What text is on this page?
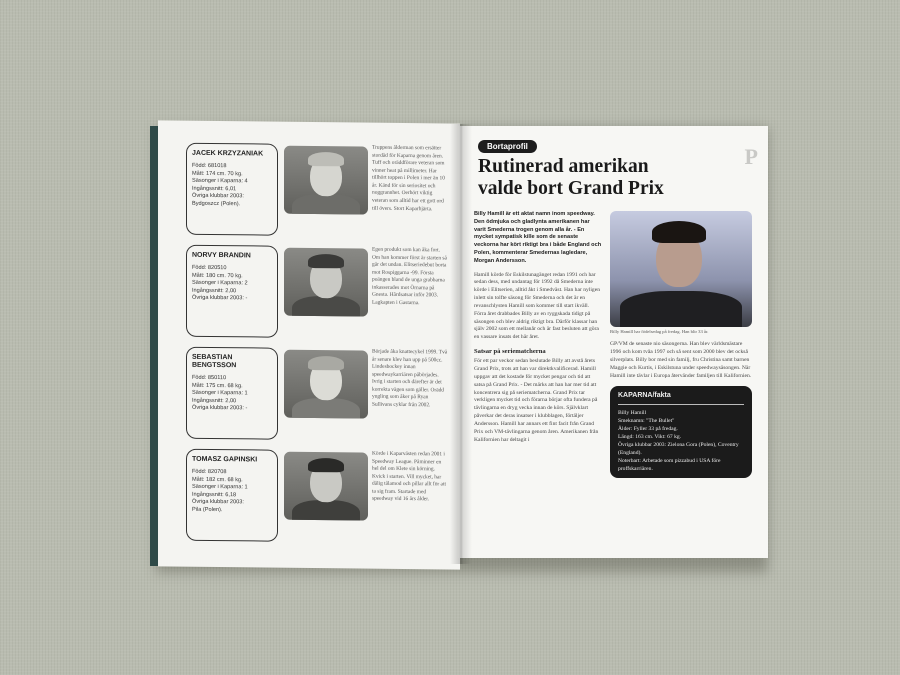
JACEK KRZYZANIAK
Född: 681018
Mått: 174 cm. 70 kg.
Säsonger i Kaparna: 4
Ingångssnitt: 6,01
Övriga klubbar 2003:
Bydgoszcz (Polen).
Truppens ålderman som ersätter stordåd för Kaparna genom åren. Tuff och oräddförare veteran som vinner heat på millimeter. Har tillhört toppen i Polen i mer än 10 år. Känd för sin seriositet och noggrannhet. Oerhört viktig veteran som alltid har ett gott ord till övers. Stort Kaparhjärta.
NORVY BRANDIN
Född: 820510
Mått: 180 cm. 70 kg.
Säsonger i Kaparna: 2
Ingångssnitt: 2,00
Övriga klubbar 2003: -
Egen produkt som kan åka fort. Om han kommer först är starten så går det undan. Elitseriedebut borta mot Rospiggarna -99. Första poängen bland de unga grabbarna inkasserades mot Örnarna på Gnesta. Hårdsatsar inför 2003. Lagkapten i Gastarna.
SEBASTIAN BENGTSSON
Född: 850110
Mått: 175 cm. 68 kg.
Säsonger i Kaparna: 1
Ingångssnitt: 2,00
Övriga klubbar 2003: -
Började åka knattecykel 1999. Två år senare klev han upp på 500cc. Lindesbockey innan speedwaykarriären påbörjades. Ivrig i starten och därefter är det korrekta vägen som gäller. Orädd yngling som åker på Ryan Sullivans cyklar från 2002.
TOMASZ GAPINSKI
Född: 820708
Mått: 182 cm. 68 kg.
Säsonger i Kaparna: 1
Ingångssnitt: 6,18
Övriga klubbar 2003:
Pila (Polen).
Körde i Kaparvästen redan 2001 i Speedway League. Påminner en hel del om Klete sin körning. Kvick i starten. Vill mycket, har dålig tålamod och pillar allt för att ta sig fram. Startade med speedway vid 16 års ålder.
P
Bortaprofil
Rutinerad amerikan
valde bort Grand Prix

Billy Hamill är ett aktat namn inom speedway. Den ödmjuka och gladlynta amerikanen har varit Smederna trogen genom alla år. - En mycket sympatisk kille som de senaste veckorna har kört riktigt bra i både England och Polen, kommenterar Smedernas lagledare, Morgan Andersson.

Hamill körde för Eskilstunagänget redan 1991 och har sedan dess, med undantag för 1992 då Smederna inte körde i Elitserien, alltid åkt i Smedväst. Han har nyligen inlett sin tolfte säsong för Smederna och det är en revanschlysten Hamill som kommer till start ikväll. Förra året drabbades Billy av en ryggskada tidigt på säsongen och blev aldrig riktigt bra. Därför klassar han själv 2002 som ett mellanår och är fast besluten att göra en vassare insats det här året.

Satsar på seriematcherna

För ett par veckor sedan beslutade Billy att avstå årets Grand Prix, trots att han var direktkvalificerad. Hamill uppgav att det kostade för mycket pengar och tid att satsa på Grand Prix. - Det märks att han har mer tid att koncentrera sig på seriematcherna. Grand Prix tar verkligen mycket tid och förarna börjar ofta fundera på tävlingarna en dryg vecka innan de körs. Självklart påverkar det deras insatser i klubblagen, förtäljer Andersson. Hamill har annars ett fint facit från Grand Prix och VM-tävlingarna genom åren. Amerikanen från Kalifornien har deltagit i

Billy Hamill har födelsedag på fredag. Han blir 33 år.

GP/VM de senaste nio säsongerna. Han blev världsmästare 1996 och kom tvåa 1997 och så sent som 2000 blev det också silverplats. Billy bor med sin familj, fru Christina samt barnen Maggie och Kurtis, i Eskilstuna under speedwaysäsongen. När Hamill inte tävlar i Europa återvänder familjen till Kalifornien.

KAPARNA/fakta
Billy Hamill
Smeknamn: "The Bullet"
Ålder: Fyller 33 på fredag.
Längd: 163 cm. Vikt: 67 kg.
Övriga klubbar 2003: Zielona Gora (Polen), Coventry (England).
Noterbart: Arbetade som pizzabud i USA före proffskarriären.
